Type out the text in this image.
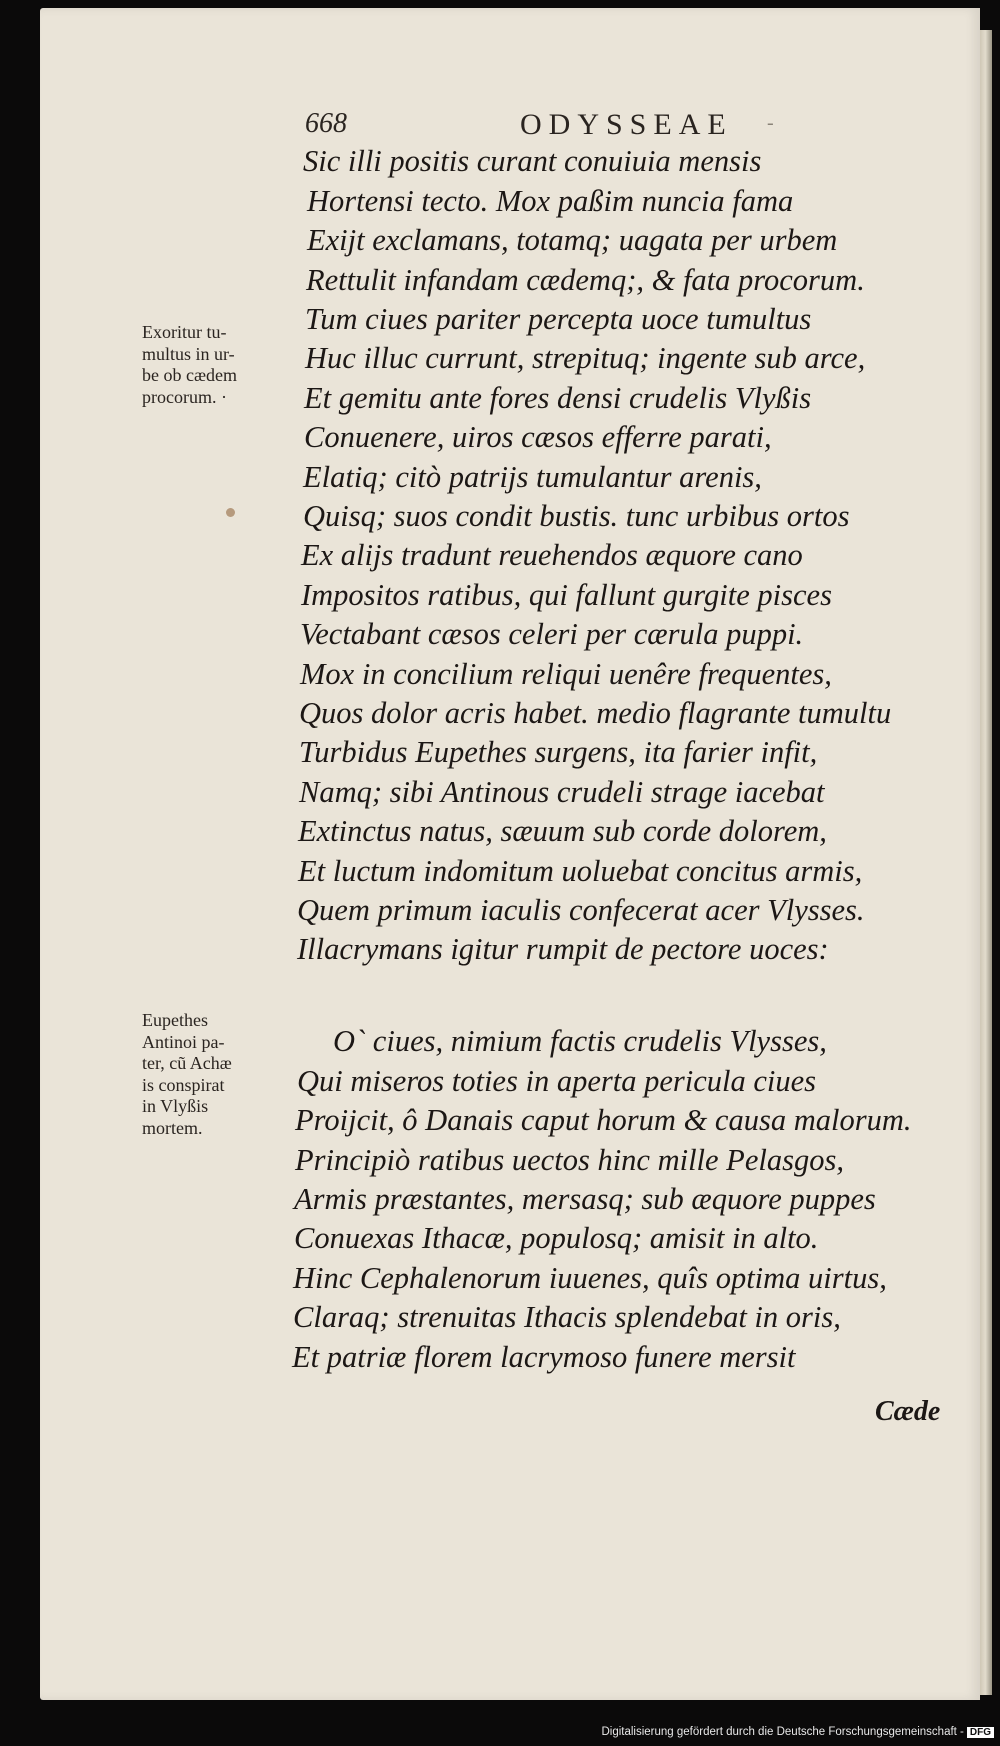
668	ODYSSEAE -
Sic illi positis curant conuiuia mensis
Hortensi tecto. Mox paßim nuncia fama
Exijt exclamans, totamq; uagata per urbem
Rettulit infandam cædemq;, & fata procorum.
Tum ciues pariter percepta uoce tumultus
Huc illuc currunt, strepituq; ingente sub arce,
Et gemitu ante fores densi crudelis Vlyßis
Conuenere, uiros cæsos efferre parati,
Elatiq; citò patrijs tumulantur arenis,
Quisq; suos condit bustis. tunc urbibus ortos
Ex alijs tradunt reuehendos æquore cano
Impositos ratibus, qui fallunt gurgite pisces
Vectabant cæsos celeri per cærula puppi.
Mox in concilium reliqui uenêre frequentes,
Quos dolor acris habet. medio flagrante tumultu
Turbidus Eupethes surgens, ita farier infit,
Namq; sibi Antinous crudeli strage iacebat
Extinctus natus, sæuum sub corde dolorem,
Et luctum indomitum uoluebat concitus armis,
Quem primum iaculis confecerat acer Vlysses.
Illacrymans igitur rumpit de pectore uoces:
O` ciues, nimium factis crudelis Vlysses,
Qui miseros toties in aperta pericula ciues
Proijcit, ô Danais caput horum & causa malorum.
Principiò ratibus uectos hinc mille Pelasgos,
Armis præstantes, mersasq; sub æquore puppes
Conuexas Ithacæ, populosq; amisit in alto.
Hinc Cephalenorum iuuenes, quîs optima uirtus,
Claraq; strenuitas Ithacis splendebat in oris,
Et patriæ florem lacrymoso funere mersit
Exoritur tu-
multus in ur-
be ob cædem
procorum. ·
Eupethes
Antinoi pa-
ter, cũ Achæ
is conspirat
in Vlyßis
mortem.
Cæde
Digitalisierung gefördert durch die Deutsche Forschungsgemeinschaft - DFG
